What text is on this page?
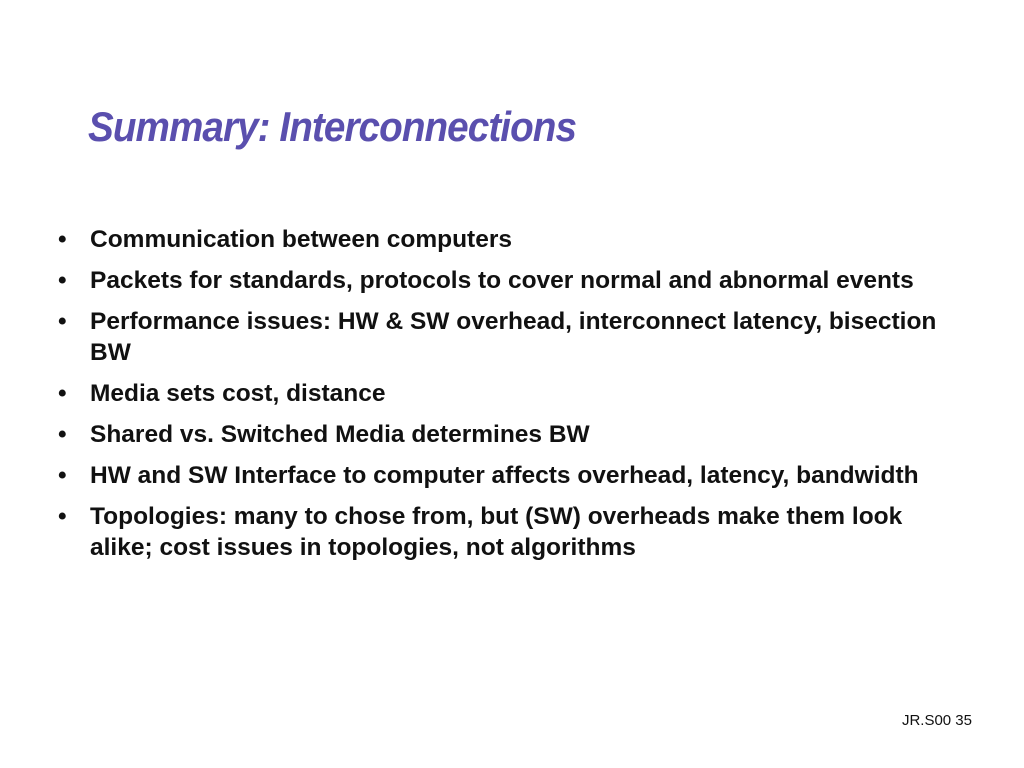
Summary: Interconnections
• Communication between computers
• Packets for standards, protocols to cover normal and abnormal events
• Performance issues: HW & SW overhead, interconnect latency, bisection BW
• Media sets cost, distance
• Shared vs. Switched Media determines BW
• HW and SW Interface to computer affects overhead, latency, bandwidth
• Topologies: many to chose from, but (SW) overheads make them look alike; cost issues in topologies, not algorithms
JR.S00 35
